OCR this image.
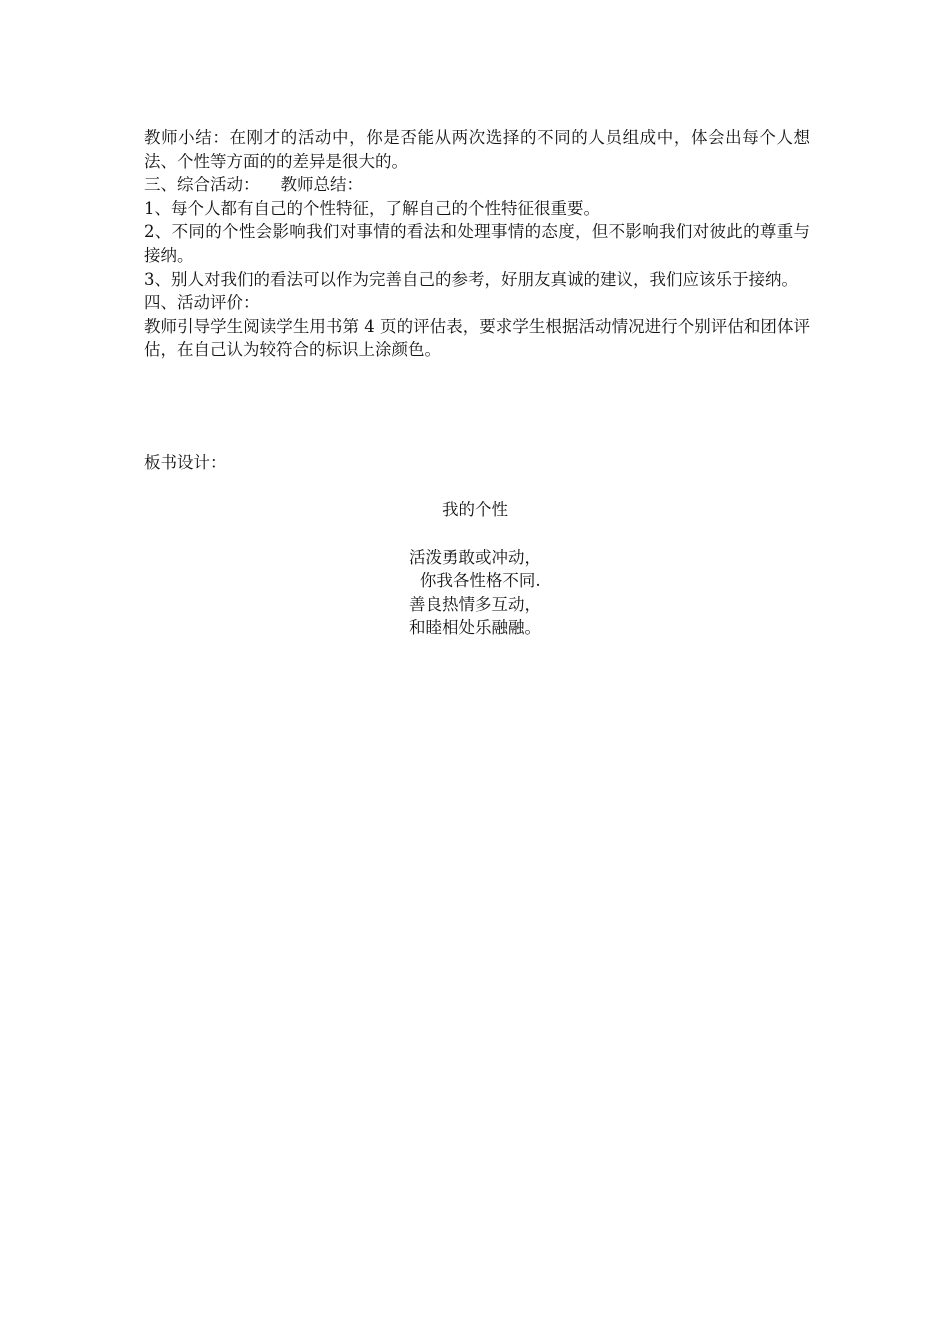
教师小结：在刚才的活动中，你是否能从两次选择的不同的人员组成中，体会出每个人想法、个性等方面的的差异是很大的。

三、综合活动：    教师总结：

1、每个人都有自己的个性特征，了解自己的个性特征很重要。

2、不同的个性会影响我们对事情的看法和处理事情的态度，但不影响我们对彼此的尊重与接纳。

3、别人对我们的看法可以作为完善自己的参考，好朋友真诚的建议，我们应该乐于接纳。

四、活动评价：

教师引导学生阅读学生用书第 4 页的评估表，要求学生根据活动情况进行个别评估和团体评估，在自己认为较符合的标识上涂颜色。

板书设计：

我的个性
活泼勇敢或冲动，
你我各性格不同.
善良热情多互动，
和睦相处乐融融。
